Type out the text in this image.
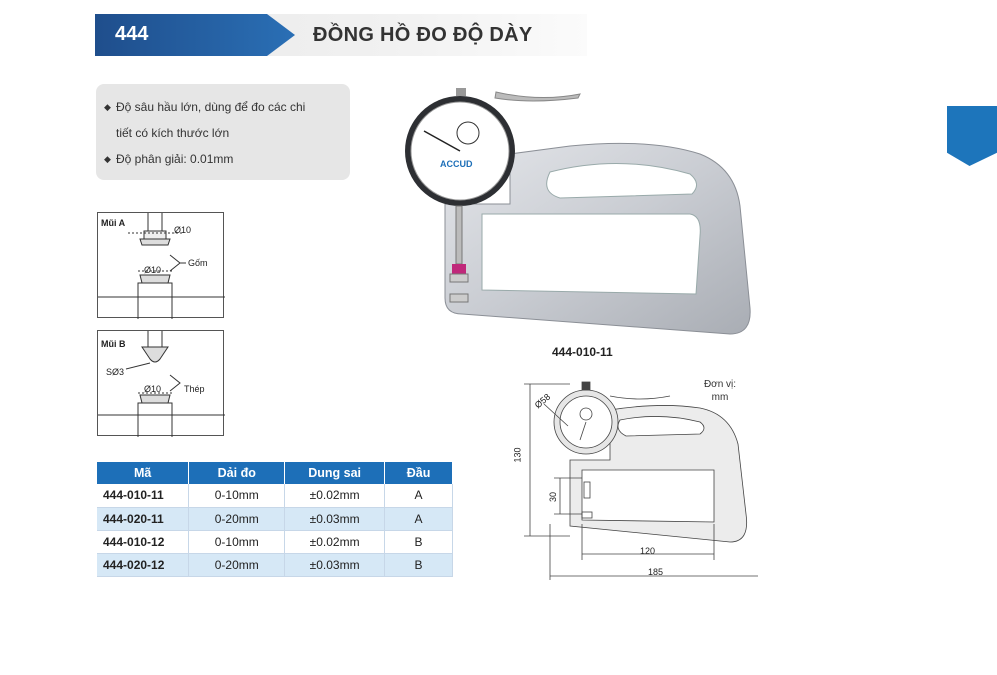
444	ĐỒNG HỒ ĐO ĐỘ DÀY
◆ Độ sâu hầu lớn, dùng để đo các chi
tiết có kích thước lớn
◆ Độ phân giải: 0.01mm
Mũi A
Ø10
Ø10
Gốm
Mũi B
SØ3
Ø10	Thép
Mã	Dải đo	Dung sai	Đầu
444-010-11	0-10mm	±0.02mm	A
444-020-11	0-20mm	±0.03mm	A
444-010-12	0-10mm	±0.02mm	B
444-020-12	0-20mm	±0.03mm	B
ACCUD
444-010-11
Ø58
130
30
120
185
Đơn vị:
mm
